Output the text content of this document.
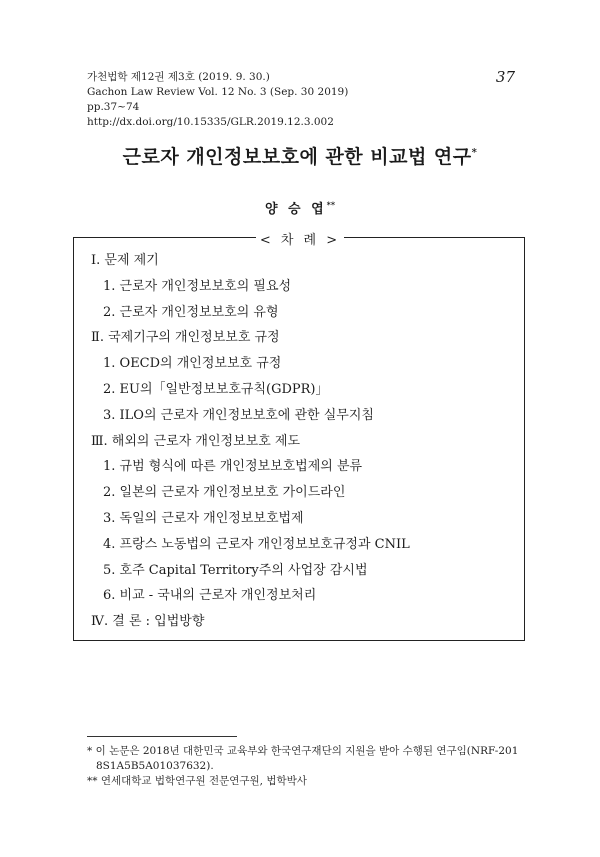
가천법학 제12권 제3호 (2019. 9. 30.)
Gachon Law Review Vol. 12 No. 3 (Sep. 30 2019)
pp.37~74
http://dx.doi.org/10.15335/GLR.2019.12.3.002
37
근로자 개인정보보호에 관한 비교법 연구*
양 승 엽**
< 차 례 >
Ⅰ. 문제 제기
1. 근로자 개인정보보호의 필요성
2. 근로자 개인정보보호의 유형
Ⅱ. 국제기구의 개인정보보호 규정
1. OECD의 개인정보보호 규정
2. EU의「일반정보보호규칙(GDPR)」
3. ILO의 근로자 개인정보보호에 관한 실무지침
Ⅲ. 해외의 근로자 개인정보보호 제도
1. 규범 형식에 따른 개인정보보호법제의 분류
2. 일본의 근로자 개인정보보호 가이드라인
3. 독일의 근로자 개인정보보호법제
4. 프랑스 노동법의 근로자 개인정보보호규정과 CNIL
5. 호주 Capital Territory주의 사업장 감시법
6. 비교 - 국내의 근로자 개인정보처리
Ⅳ. 결 론 : 입법방향
* 이 논문은 2018년 대한민국 교육부와 한국연구재단의 지원을 받아 수행된 연구임(NRF-201
8S1A5B5A01037632).
** 연세대학교 법학연구원 전문연구원, 법학박사
